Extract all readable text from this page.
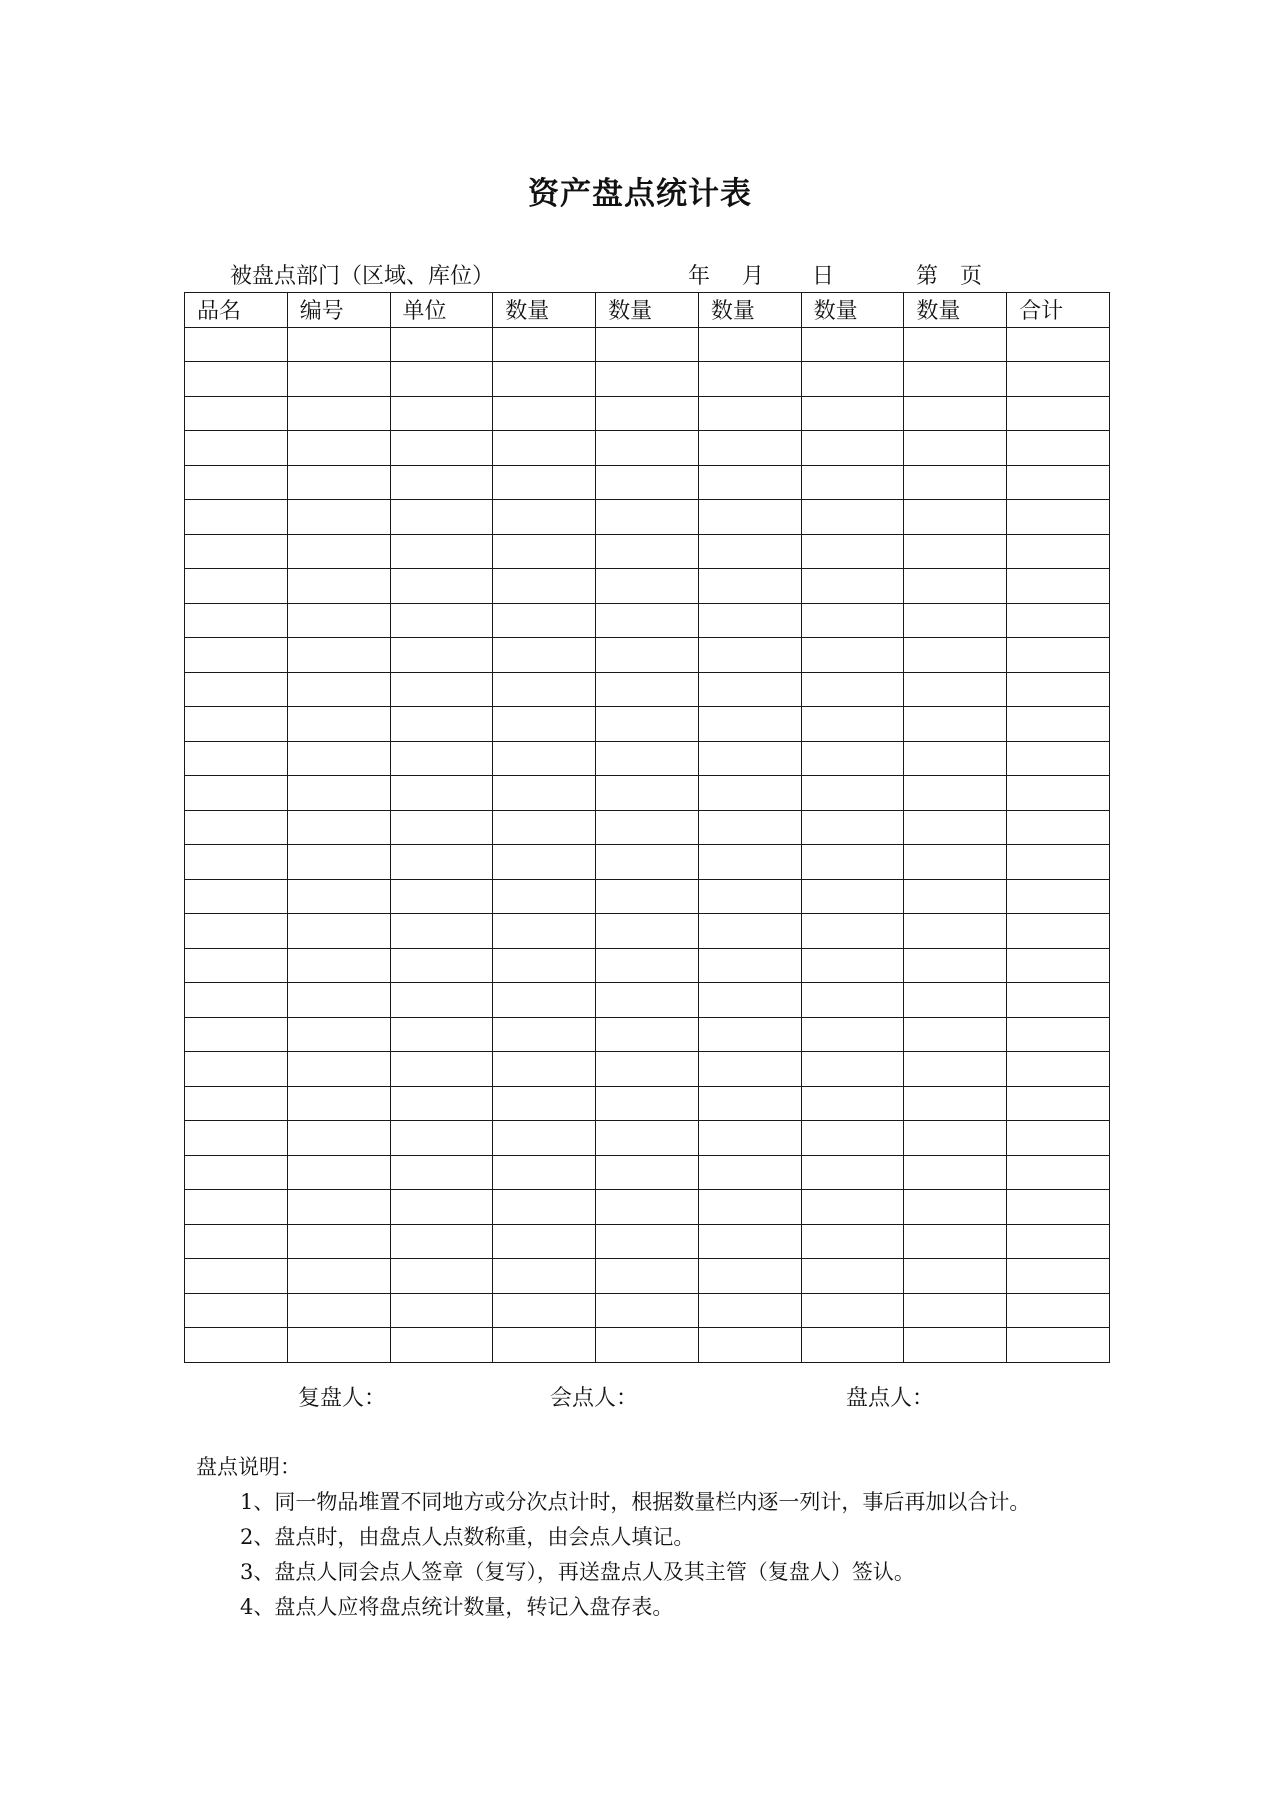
资产盘点统计表
被盘点部门（区域、库位）	年 月 日	第 页
品名	编号	单位	数量	数量	数量	数量	数量	合计

复盘人：	会点人：	盘点人：
盘点说明：
1、同一物品堆置不同地方或分次点计时，根据数量栏内逐一列计，事后再加以合计。
2、盘点时，由盘点人点数称重，由会点人填记。
3、盘点人同会点人签章（复写），再送盘点人及其主管（复盘人）签认。
4、盘点人应将盘点统计数量，转记入盘存表。
